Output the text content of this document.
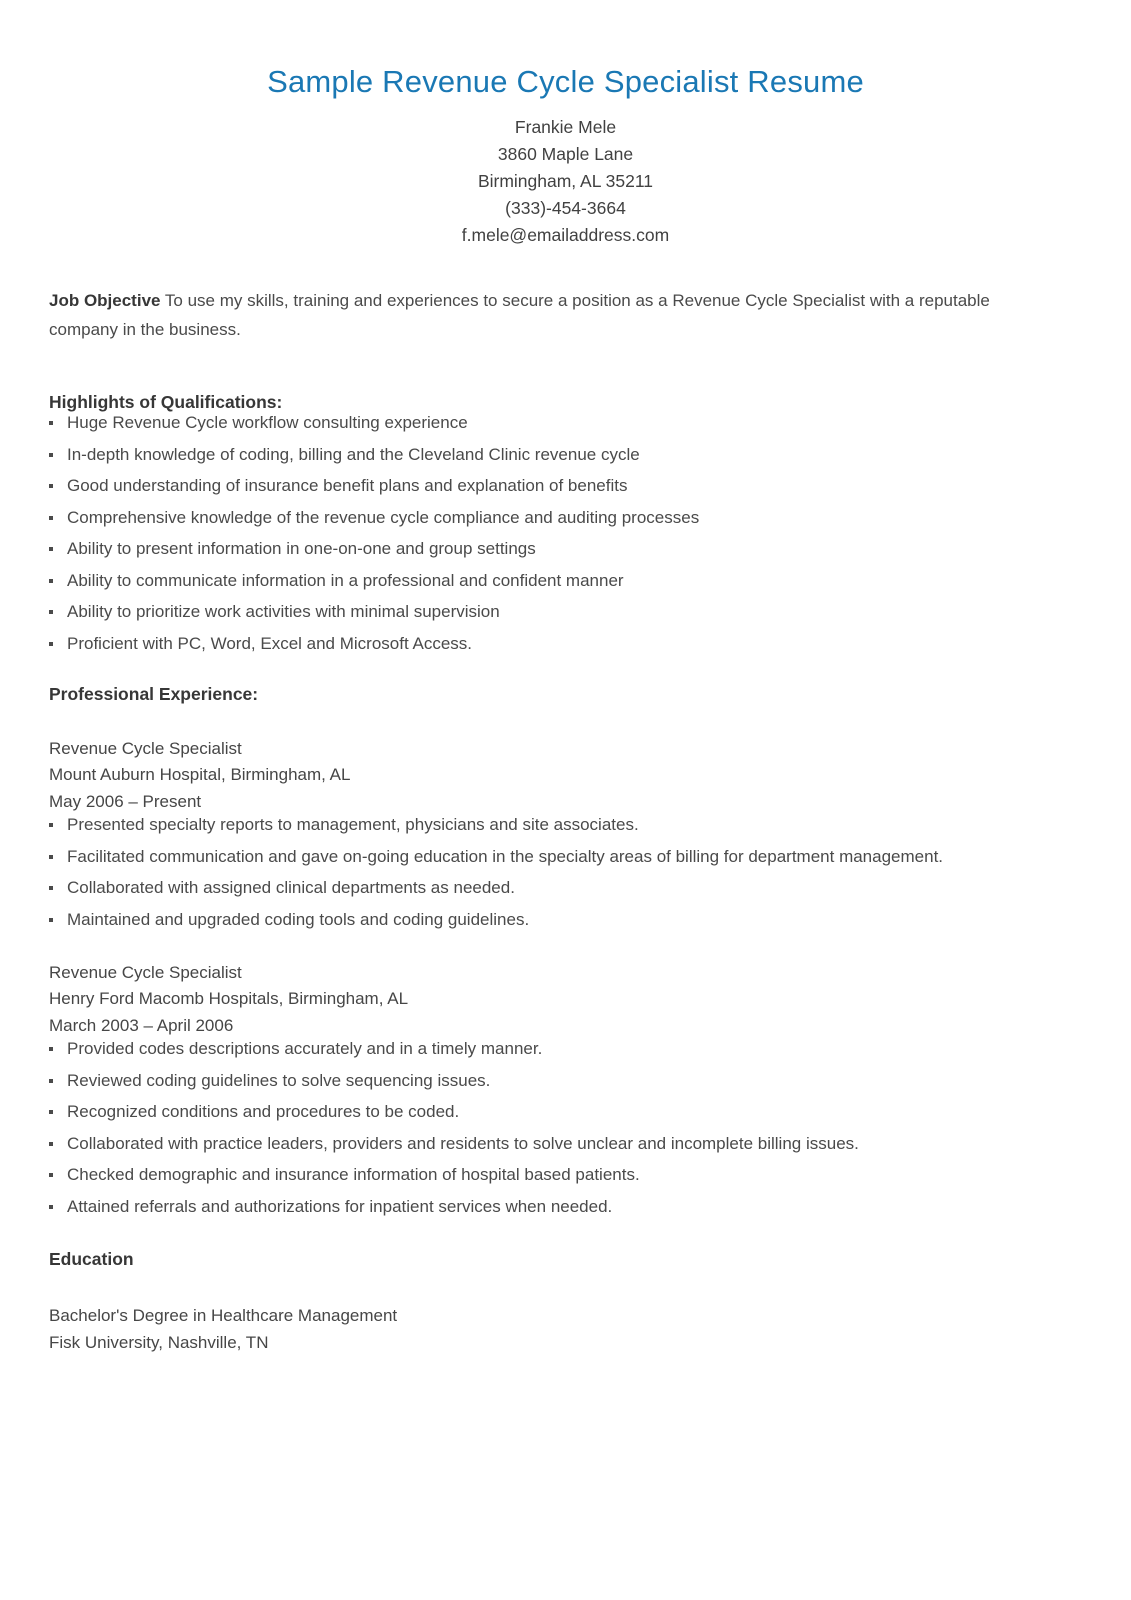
Sample Revenue Cycle Specialist Resume
Frankie Mele
3860 Maple Lane
Birmingham, AL 35211
(333)-454-3664
f.mele@emailaddress.com

Job Objective To use my skills, training and experiences to secure a position as a Revenue Cycle Specialist with a reputable company in the business.

Highlights of Qualifications:
Huge Revenue Cycle workflow consulting experience
In-depth knowledge of coding, billing and the Cleveland Clinic revenue cycle
Good understanding of insurance benefit plans and explanation of benefits
Comprehensive knowledge of the revenue cycle compliance and auditing processes
Ability to present information in one-on-one and group settings
Ability to communicate information in a professional and confident manner
Ability to prioritize work activities with minimal supervision
Proficient with PC, Word, Excel and Microsoft Access.
Professional Experience:
Revenue Cycle Specialist
Mount Auburn Hospital, Birmingham, AL
May 2006 – Present
Presented specialty reports to management, physicians and site associates.
Facilitated communication and gave on-going education in the specialty areas of billing for department management.
Collaborated with assigned clinical departments as needed.
Maintained and upgraded coding tools and coding guidelines.
Revenue Cycle Specialist
Henry Ford Macomb Hospitals, Birmingham, AL
March 2003 – April 2006
Provided codes descriptions accurately and in a timely manner.
Reviewed coding guidelines to solve sequencing issues.
Recognized conditions and procedures to be coded.
Collaborated with practice leaders, providers and residents to solve unclear and incomplete billing issues.
Checked demographic and insurance information of hospital based patients.
Attained referrals and authorizations for inpatient services when needed.
Education
Bachelor's Degree in Healthcare Management
Fisk University, Nashville, TN
